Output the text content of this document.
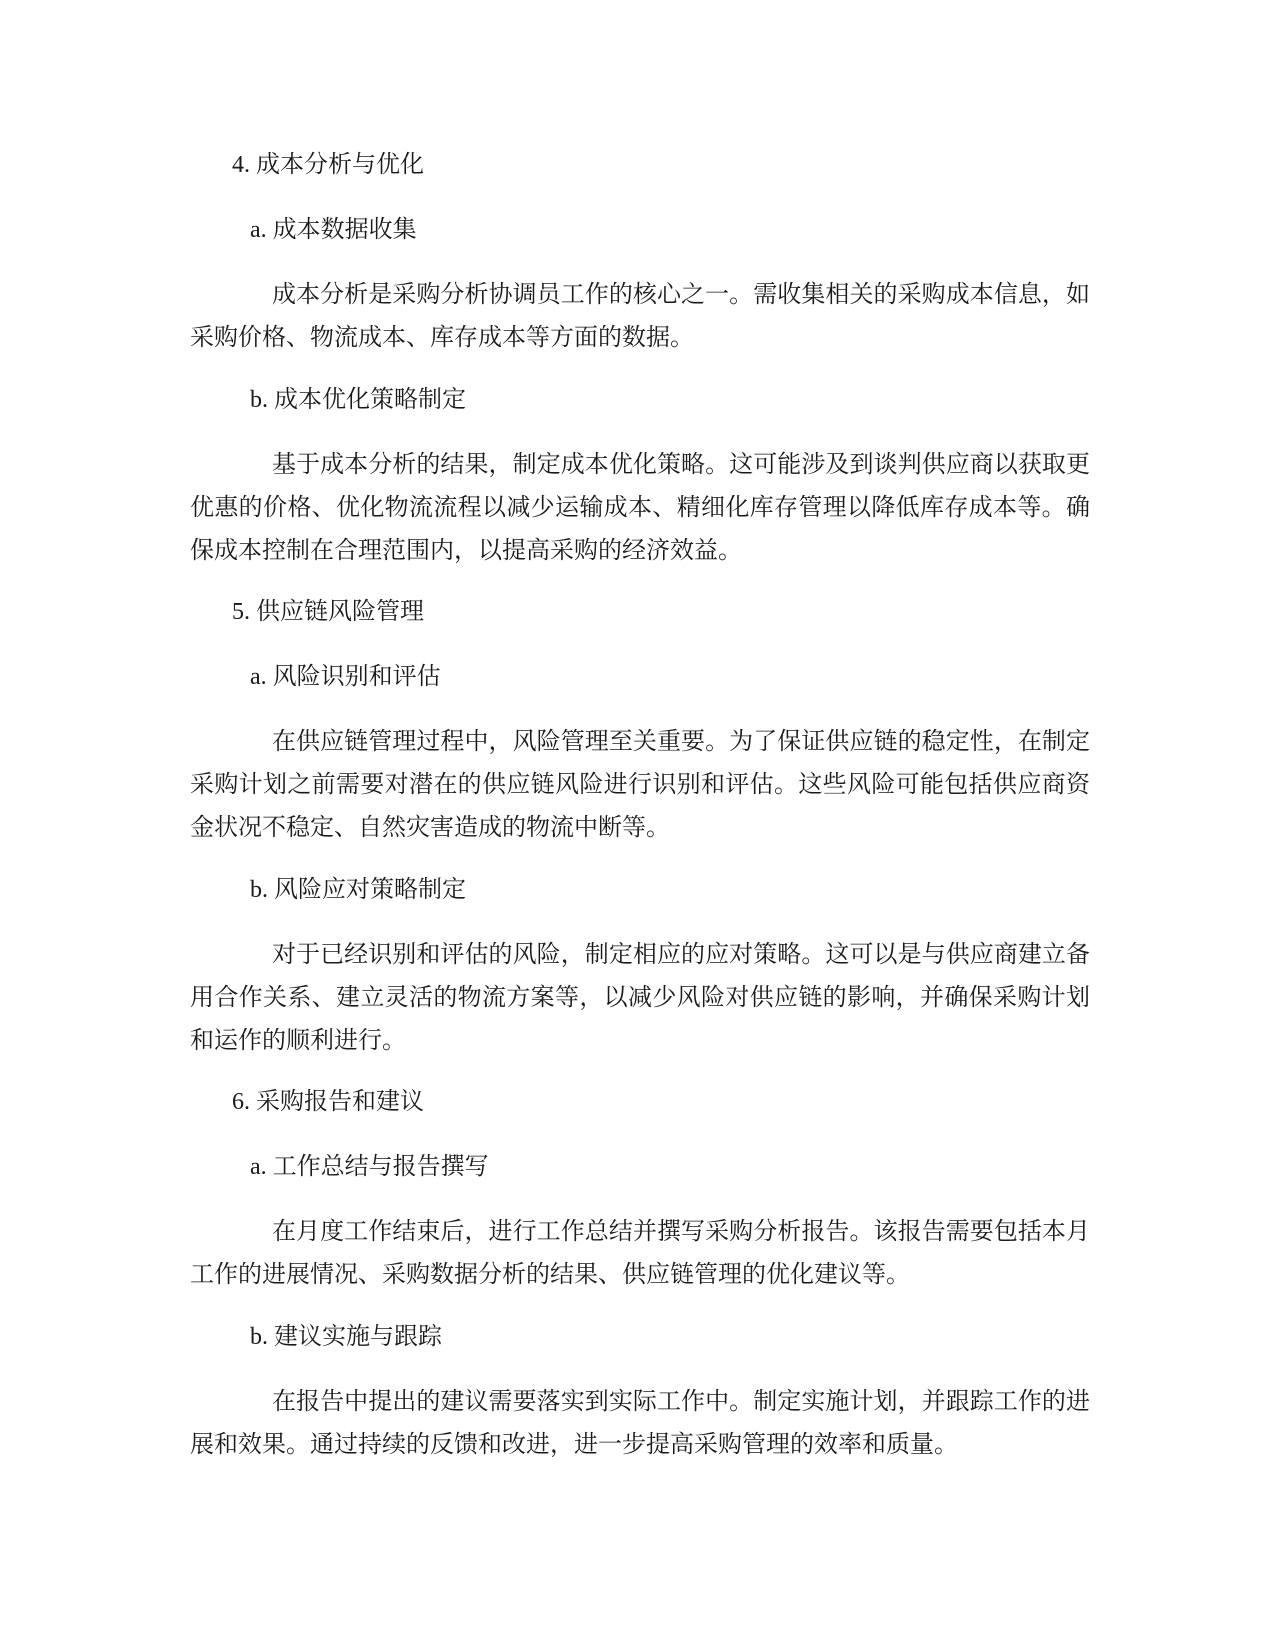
4. 成本分析与优化

a. 成本数据收集

成本分析是采购分析协调员工作的核心之一。需收集相关的采购成本信息，如采购价格、物流成本、库存成本等方面的数据。

b. 成本优化策略制定

基于成本分析的结果，制定成本优化策略。这可能涉及到谈判供应商以获取更优惠的价格、优化物流流程以减少运输成本、精细化库存管理以降低库存成本等。确保成本控制在合理范围内，以提高采购的经济效益。

5. 供应链风险管理

a. 风险识别和评估

在供应链管理过程中，风险管理至关重要。为了保证供应链的稳定性，在制定采购计划之前需要对潜在的供应链风险进行识别和评估。这些风险可能包括供应商资金状况不稳定、自然灾害造成的物流中断等。

b. 风险应对策略制定

对于已经识别和评估的风险，制定相应的应对策略。这可以是与供应商建立备用合作关系、建立灵活的物流方案等，以减少风险对供应链的影响，并确保采购计划和运作的顺利进行。

6. 采购报告和建议

a. 工作总结与报告撰写

在月度工作结束后，进行工作总结并撰写采购分析报告。该报告需要包括本月工作的进展情况、采购数据分析的结果、供应链管理的优化建议等。

b. 建议实施与跟踪

在报告中提出的建议需要落实到实际工作中。制定实施计划，并跟踪工作的进展和效果。通过持续的反馈和改进，进一步提高采购管理的效率和质量。
